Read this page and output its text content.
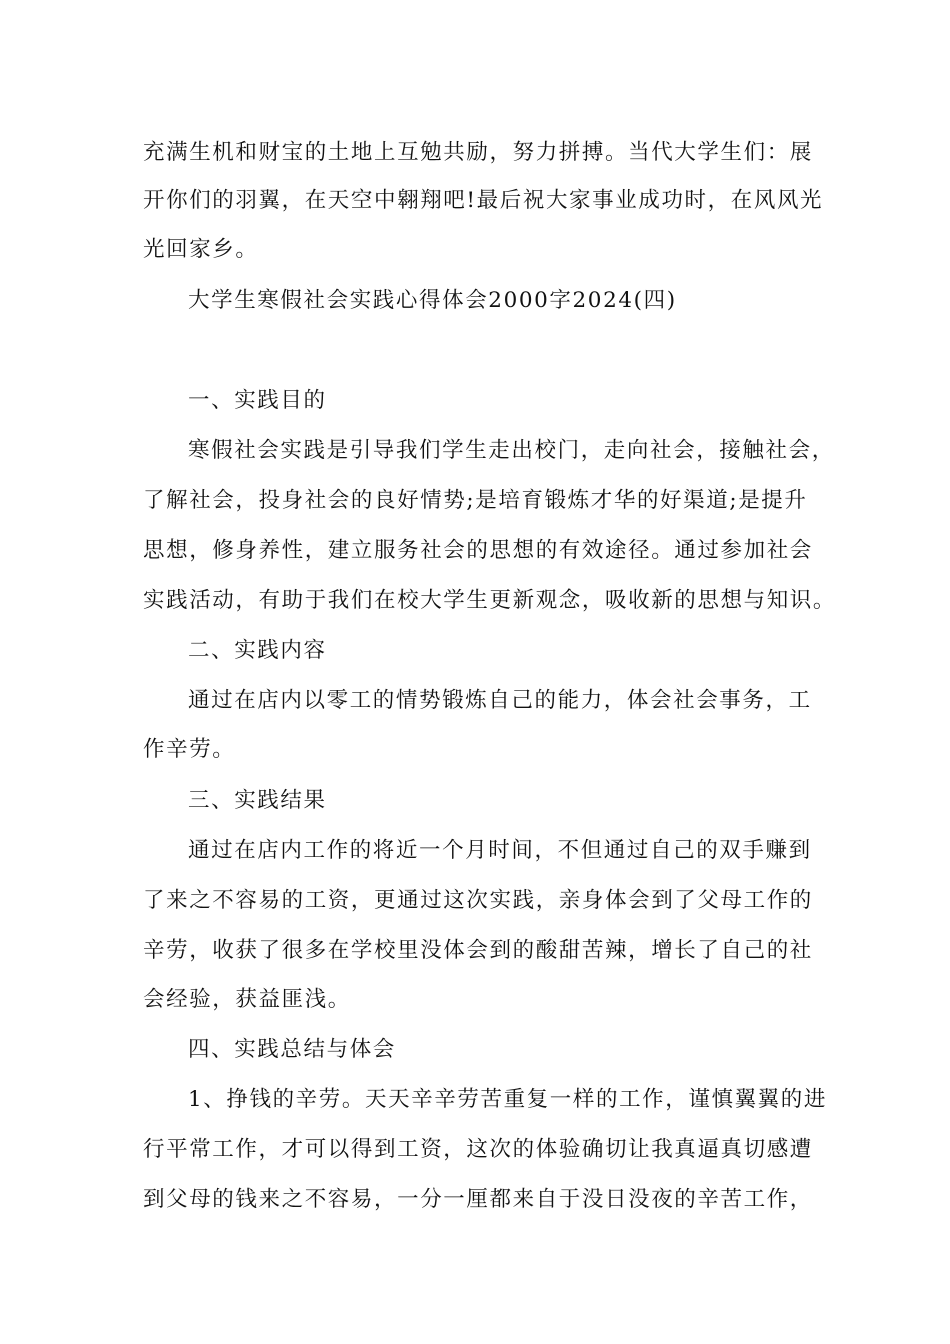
充满生机和财宝的土地上互勉共励，努力拼搏。当代大学生们：展
开你们的羽翼，在天空中翱翔吧!最后祝大家事业成功时，在风风光
光回家乡。
大学生寒假社会实践心得体会2000字2024(四)
一、实践目的
寒假社会实践是引导我们学生走出校门，走向社会，接触社会，
了解社会，投身社会的良好情势;是培育锻炼才华的好渠道;是提升
思想，修身养性，建立服务社会的思想的有效途径。通过参加社会
实践活动，有助于我们在校大学生更新观念，吸收新的思想与知识。
二、实践内容
通过在店内以零工的情势锻炼自己的能力，体会社会事务，工
作辛劳。
三、实践结果
通过在店内工作的将近一个月时间，不但通过自己的双手赚到
了来之不容易的工资，更通过这次实践，亲身体会到了父母工作的
辛劳，收获了很多在学校里没体会到的酸甜苦辣，增长了自己的社
会经验，获益匪浅。
四、实践总结与体会
1、挣钱的辛劳。天天辛辛劳苦重复一样的工作，谨慎翼翼的进
行平常工作，才可以得到工资，这次的体验确切让我真逼真切感遭
到父母的钱来之不容易，一分一厘都来自于没日没夜的辛苦工作，
